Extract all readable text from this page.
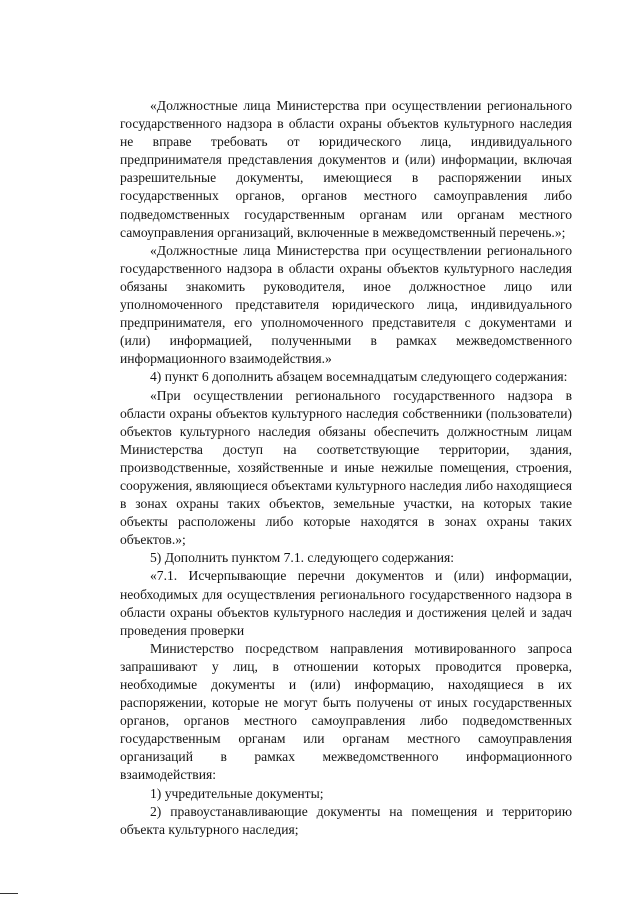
«Должностные лица Министерства при осуществлении регионального государственного надзора в области охраны объектов культурного наследия не вправе требовать от юридического лица, индивидуального предпринимателя представления документов и (или) информации, включая разрешительные документы, имеющиеся в распоряжении иных государственных органов, органов местного самоуправления либо подведомственных государственным органам или органам местного самоуправления организаций, включенные в межведомственный перечень.»;

«Должностные лица Министерства при осуществлении регионального государственного надзора в области охраны объектов культурного наследия обязаны знакомить руководителя, иное должностное лицо или уполномоченного представителя юридического лица, индивидуального предпринимателя, его уполномоченного представителя с документами и (или) информацией, полученными в рамках межведомственного информационного взаимодействия.»

4) пункт 6 дополнить абзацем восемнадцатым следующего содержания:

«При осуществлении регионального государственного надзора в области охраны объектов культурного наследия собственники (пользователи) объектов культурного наследия обязаны обеспечить должностным лицам Министерства доступ на соответствующие территории, здания, производственные, хозяйственные и иные нежилые помещения, строения, сооружения, являющиеся объектами культурного наследия либо находящиеся в зонах охраны таких объектов, земельные участки, на которых такие объекты расположены либо которые находятся в зонах охраны таких объектов.»;

5) Дополнить пунктом 7.1. следующего содержания:

«7.1. Исчерпывающие перечни документов и (или) информации, необходимых для осуществления регионального государственного надзора в области охраны объектов культурного наследия и достижения целей и задач проведения проверки

Министерство посредством направления мотивированного запроса запрашивают у лиц, в отношении которых проводится проверка, необходимые документы и (или) информацию, находящиеся в их распоряжении, которые не могут быть получены от иных государственных органов, органов местного самоуправления либо подведомственных государственным органам или органам местного самоуправления организаций в рамках межведомственного информационного взаимодействия:

1) учредительные документы;

2) правоустанавливающие документы на помещения и территорию объекта культурного наследия;
